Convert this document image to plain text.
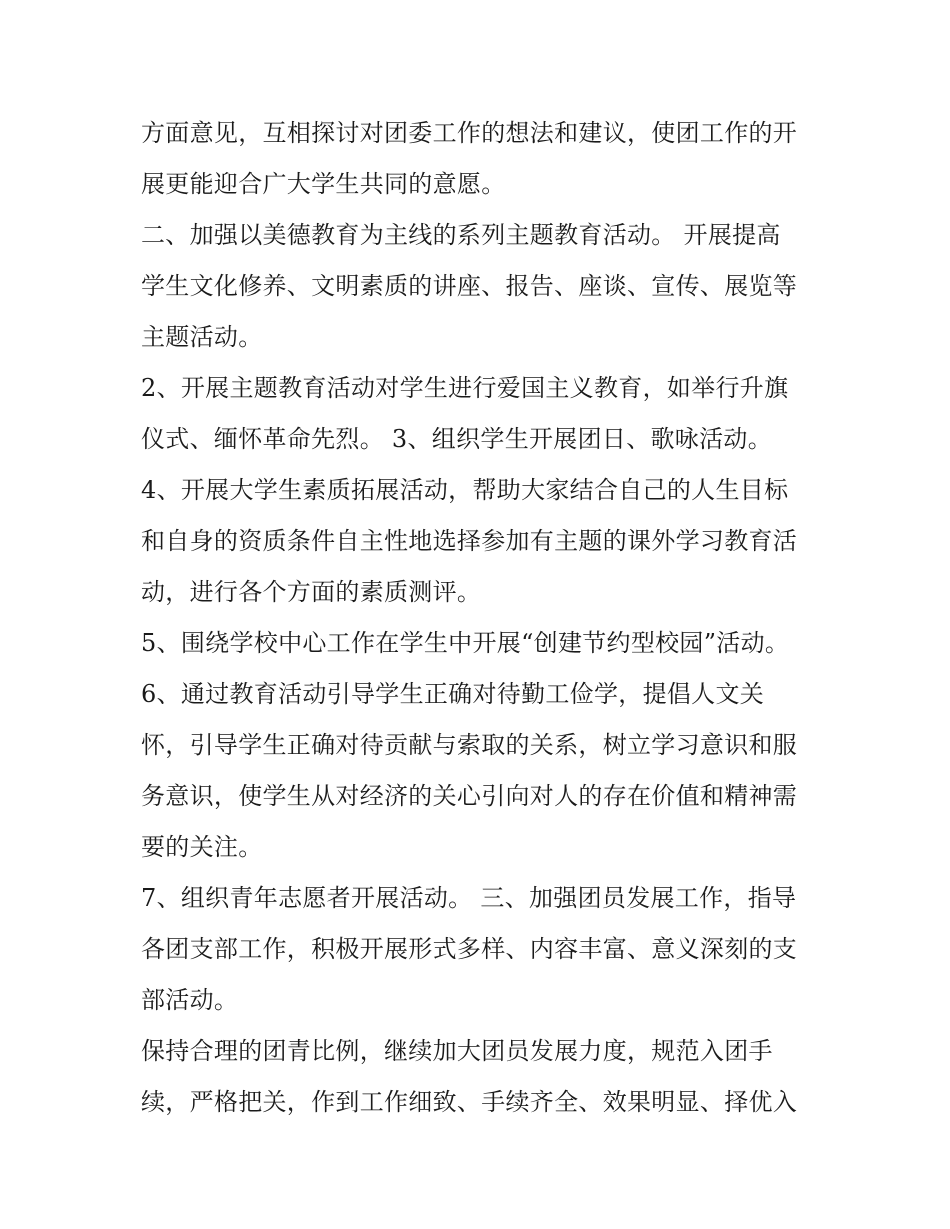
方面意见，互相探讨对团委工作的想法和建议，使团工作的开
展更能迎合广大学生共同的意愿。
二、加强以美德教育为主线的系列主题教育活动。 开展提高
学生文化修养、文明素质的讲座、报告、座谈、宣传、展览等
主题活动。
2、开展主题教育活动对学生进行爱国主义教育，如举行升旗
仪式、缅怀革命先烈。 3、组织学生开展团日、歌咏活动。
4、开展大学生素质拓展活动，帮助大家结合自己的人生目标
和自身的资质条件自主性地选择参加有主题的课外学习教育活
动，进行各个方面的素质测评。
5、围绕学校中心工作在学生中开展“创建节约型校园”活动。
6、通过教育活动引导学生正确对待勤工俭学，提倡人文关
怀，引导学生正确对待贡献与索取的关系，树立学习意识和服
务意识，使学生从对经济的关心引向对人的存在价值和精神需
要的关注。
7、组织青年志愿者开展活动。 三、加强团员发展工作，指导
各团支部工作，积极开展形式多样、内容丰富、意义深刻的支
部活动。
保持合理的团青比例，继续加大团员发展力度，规范入团手
续，严格把关，作到工作细致、手续齐全、效果明显、择优入
